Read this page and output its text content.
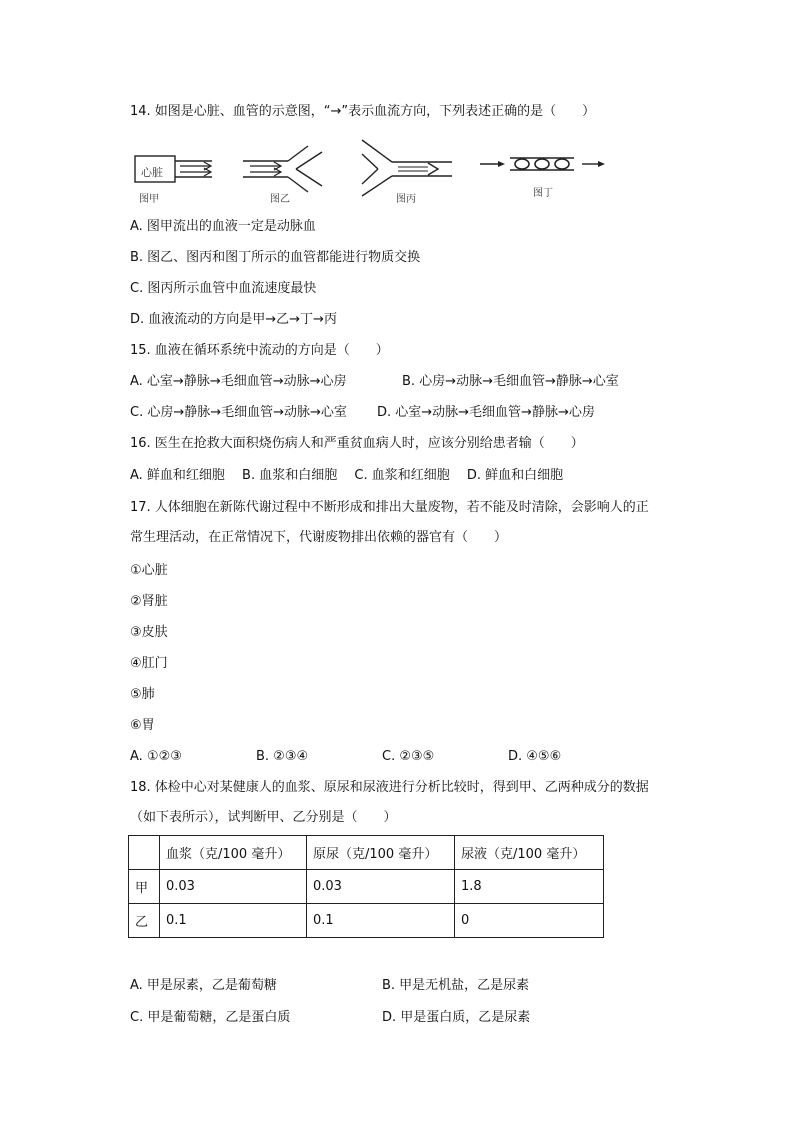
14. 如图是心脏、血管的示意图，“→”表示血流方向，下列表述正确的是（　　）
心脏
图甲	图乙	图丙
图丁
A. 图甲流出的血液一定是动脉血
B. 图乙、图丙和图丁所示的血管都能进行物质交换
C. 图丙所示血管中血流速度最快
D. 血液流动的方向是甲→乙→丁→丙
15. 血液在循环系统中流动的方向是（　　）
A. 心室→静脉→毛细血管→动脉→心房	B. 心房→动脉→毛细血管→静脉→心室
C. 心房→静脉→毛细血管→动脉→心室 D. 心室→动脉→毛细血管→静脉→心房
16. 医生在抢救大面积烧伤病人和严重贫血病人时，应该分别给患者输（　　）
A. 鲜血和红细胞　 B. 血浆和白细胞　 C. 血浆和红细胞　 D. 鲜血和白细胞
17. 人体细胞在新陈代谢过程中不断形成和排出大量废物，若不能及时清除，会影响人的正
常生理活动，在正常情况下，代谢废物排出依赖的器官有（　　）
①心脏
②肾脏
③皮肤
④肛门
⑤肺
⑥胃
A. ①②③	B. ②③④	C. ②③⑤	D. ④⑤⑥
18. 体检中心对某健康人的血浆、原尿和尿液进行分析比较时，得到甲、乙两种成分的数据
（如下表所示），试判断甲、乙分别是（　　）
	血浆（克/100 毫升）	原尿（克/100 毫升）	尿液（克/100 毫升）
甲	0.03	0.03	1.8
乙	0.1	0.1	0
A. 甲是尿素，乙是葡萄糖	B. 甲是无机盐，乙是尿素
C. 甲是葡萄糖，乙是蛋白质	D. 甲是蛋白质，乙是尿素
